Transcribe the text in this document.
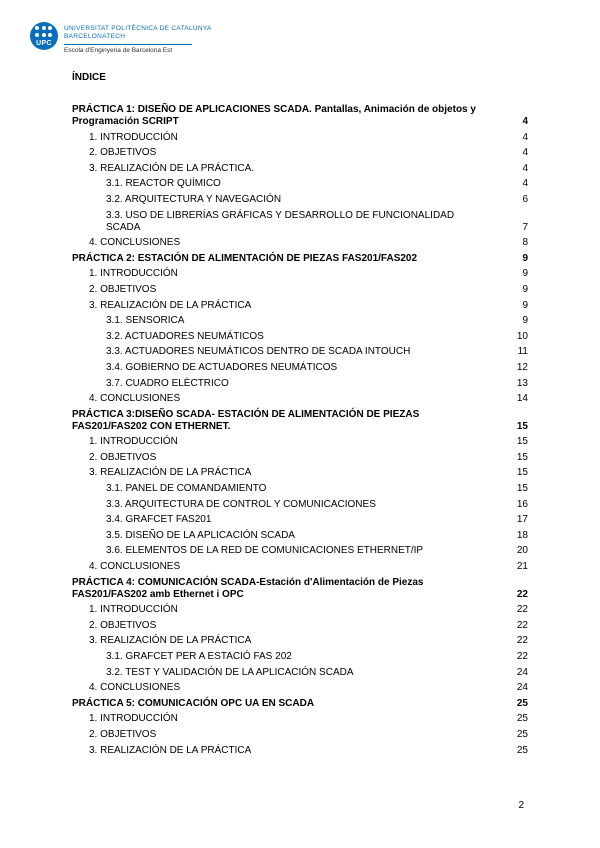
UPC
UNIVERSITAT POLITÈCNICA DE CATALUNYA
BARCELONATECH
Escola d'Enginyeria de Barcelona Est
ÍNDICE
PRÁCTICA 1: DISEÑO DE APLICACIONES SCADA. Pantallas, Animación de objetos y Programación SCRIPT	4
1. INTRODUCCIÓN	4
2. OBJETIVOS	4
3. REALIZACIÓN DE LA PRÁCTICA.	4
3.1. REACTOR QUÍMICO	4
3.2. ARQUITECTURA Y NAVEGACIÓN	6
3.3. USO DE LIBRERÍAS GRÁFICAS Y DESARROLLO DE FUNCIONALIDAD SCADA	7
4. CONCLUSIONES	8
PRÁCTICA 2: ESTACIÓN DE ALIMENTACIÓN DE PIEZAS FAS201/FAS202	9
1. INTRODUCCIÓN	9
2. OBJETIVOS	9
3. REALIZACIÓN DE LA PRÁCTICA	9
3.1. SENSORICA	9
3.2. ACTUADORES NEUMÁTICOS	10
3.3. ACTUADORES NEUMÁTICOS DENTRO DE SCADA INTOUCH	11
3.4. GOBIERNO DE ACTUADORES NEUMÁTICOS	12
3.7. CUADRO ELÈCTRICO	13
4. CONCLUSIONES	14
PRÁCTICA 3:DISEÑO SCADA- ESTACIÓN DE ALIMENTACIÓN DE PIEZAS FAS201/FAS202 CON ETHERNET.	15
1. INTRODUCCIÓN	15
2. OBJETIVOS	15
3. REALIZACIÓN DE LA PRÁCTICA	15
3.1. PANEL DE COMANDAMIENTO	15
3.3. ARQUITECTURA DE CONTROL Y COMUNICACIONES	16
3.4. GRAFCET FAS201	17
3.5. DISEÑO DE LA APLICACIÓN SCADA	18
3.6. ELEMENTOS DE LA RED DE COMUNICACIONES ETHERNET/IP	20
4. CONCLUSIONES	21
PRÁCTICA 4: COMUNICACIÓN SCADA-Estación d'Alimentación de Piezas FAS201/FAS202 amb Ethernet i OPC	22
1. INTRODUCCIÓN	22
2. OBJETIVOS	22
3. REALIZACIÓN DE LA PRÁCTICA	22
3.1. GRAFCET PER A ESTACIÓ FAS 202	22
3.2. TEST Y VALIDACIÓN DE LA APLICACIÓN SCADA	24
4. CONCLUSIONES	24
PRÁCTICA 5: COMUNICACIÓN OPC UA EN SCADA	25
1. INTRODUCCIÓN	25
2. OBJETIVOS	25
3. REALIZACIÓN DE LA PRÁCTICA	25
2
